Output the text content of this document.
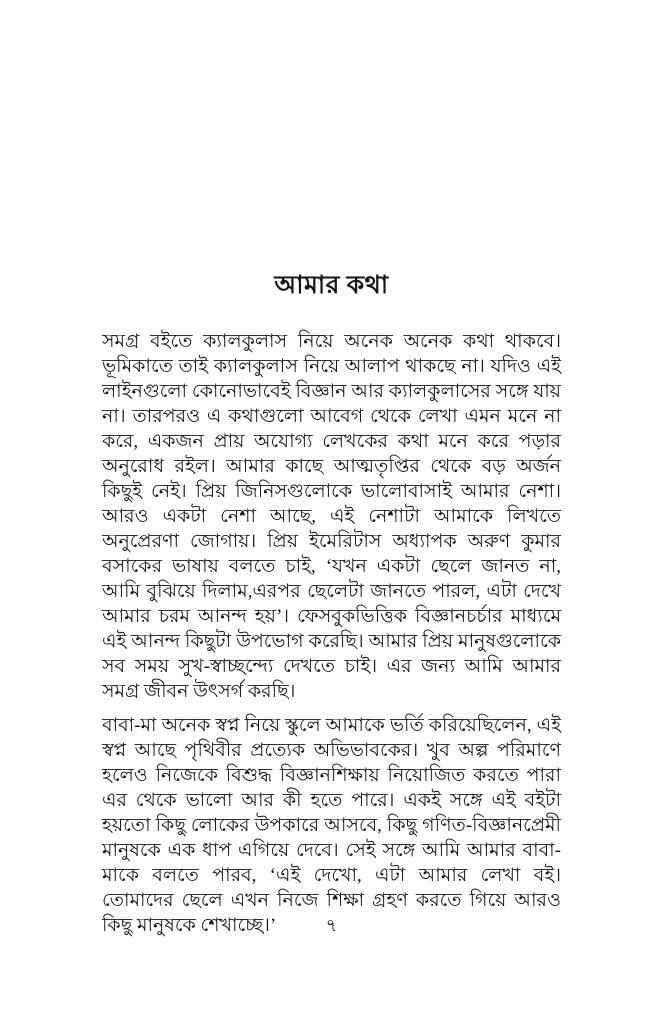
আমার কথা

সমগ্র বইতে ক্যালকুলাস নিয়ে অনেক অনেক কথা থাকবে। ভূমিকাতে তাই ক্যালকুলাস নিয়ে আলাপ থাকছে না। যদিও এই লাইনগুলো কোনোভাবেই বিজ্ঞান আর ক্যালকুলাসের সঙ্গে যায় না। তারপরও এ কথাগুলো আবেগ থেকে লেখা এমন মনে না করে, একজন প্রায় অযোগ্য লেখকের কথা মনে করে পড়ার অনুরোধ রইল। আমার কাছে আত্মতৃপ্তির থেকে বড় অর্জন কিছুই নেই। প্রিয় জিনিসগুলোকে ভালোবাসাই আমার নেশা। আরও একটা নেশা আছে, এই নেশাটা আমাকে লিখতে অনুপ্রেরণা জোগায়। প্রিয় ইমেরিটাস অধ্যাপক অরুণ কুমার বসাকের ভাষায় বলতে চাই, ‘যখন একটা ছেলে জানত না, আমি বুঝিয়ে দিলাম,এরপর ছেলেটা জানতে পারল, এটা দেখে আমার চরম আনন্দ হয়’। ফেসবুকভিত্তিক বিজ্ঞানচর্চার মাধ্যমে এই আনন্দ কিছুটা উপভোগ করেছি। আমার প্রিয় মানুষগুলোকে সব সময় সুখ-স্বাচ্ছন্দ্যে দেখতে চাই। এর জন্য আমি আমার সমগ্র জীবন উৎসর্গ করছি।

বাবা-মা অনেক স্বপ্ন নিয়ে স্কুলে আমাকে ভর্তি করিয়েছিলেন, এই স্বপ্ন আছে পৃথিবীর প্রত্যেক অভিভাবকের। খুব অল্প পরিমাণে হলেও নিজেকে বিশুদ্ধ বিজ্ঞানশিক্ষায় নিয়োজিত করতে পারা এর থেকে ভালো আর কী হতে পারে। একই সঙ্গে এই বইটা হয়তো কিছু লোকের উপকারে আসবে, কিছু গণিত-বিজ্ঞানপ্রেমী মানুষকে এক ধাপ এগিয়ে দেবে। সেই সঙ্গে আমি আমার বাবা-মাকে বলতে পারব, ‘এই দেখো, এটা আমার লেখা বই। তোমাদের ছেলে এখন নিজে শিক্ষা গ্রহণ করতে গিয়ে আরও কিছু মানুষকে শেখাচ্ছে।’	৭
